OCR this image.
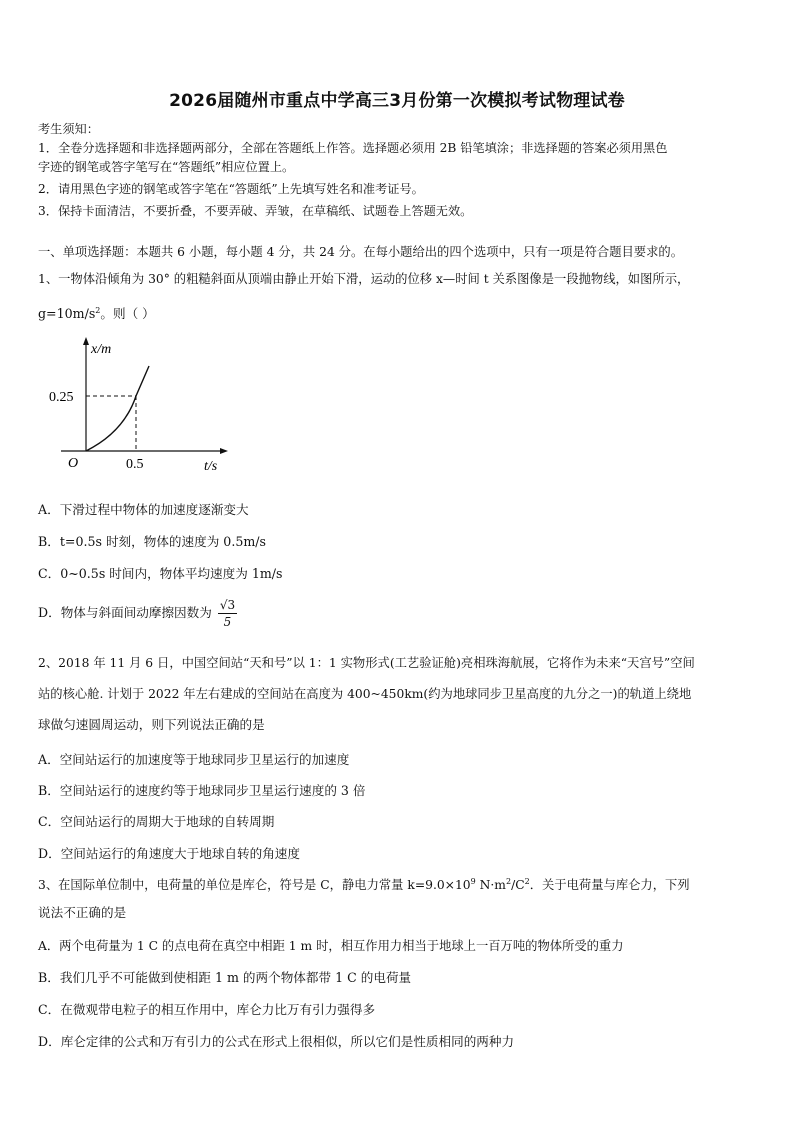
2026届随州市重点中学高三3月份第一次模拟考试物理试卷
考生须知：
1．全卷分选择题和非选择题两部分，全部在答题纸上作答。选择题必须用 2B 铅笔填涂；非选择题的答案必须用黑色
字迹的钢笔或答字笔写在“答题纸”相应位置上。
2．请用黑色字迹的钢笔或答字笔在“答题纸”上先填写姓名和准考证号。
3．保持卡面清洁，不要折叠，不要弄破、弄皱，在草稿纸、试题卷上答题无效。
一、单项选择题：本题共 6 小题，每小题 4 分，共 24 分。在每小题给出的四个选项中，只有一项是符合题目要求的。
1、一物体沿倾角为 30° 的粗糙斜面从顶端由静止开始下滑，运动的位移 x—时间 t 关系图像是一段抛物线，如图所示，
$g=10m/s^2$。则（ ）
x/m
t/s
O
0.25
0.5
A．下滑过程中物体的加速度逐渐变大
B．t=0.5s 时刻，物体的速度为 0.5m/s
C．0~0.5s 时间内，物体平均速度为 1m/s
D．物体与斜面间动摩擦因数为 $\frac{√3}{5}$
2、2018 年 11 月 6 日，中国空间站“天和号”以 1：1 实物形式(工艺验证舱)亮相珠海航展，它将作为未来“天宫号”空间
站的核心舱. 计划于 2022 年左右建成的空间站在高度为 400~450km(约为地球同步卫星高度的九分之一)的轨道上绕地
球做匀速圆周运动，则下列说法正确的是
A．空间站运行的加速度等于地球同步卫星运行的加速度
B．空间站运行的速度约等于地球同步卫星运行速度的 3 倍
C．空间站运行的周期大于地球的自转周期
D．空间站运行的角速度大于地球自转的角速度
3、在国际单位制中，电荷量的单位是库仑，符号是 C，静电力常量 $k=9.0\times 10^9$ $N\cdot m^2/C^2$．关于电荷量与库仑力，下列
说法不正确的是
A．两个电荷量为 1 C 的点电荷在真空中相距 1 m 时，相互作用力相当于地球上一百万吨的物体所受的重力
B．我们几乎不可能做到使相距 1 m 的两个物体都带 1 C 的电荷量
C．在微观带电粒子的相互作用中，库仑力比万有引力强得多
D．库仑定律的公式和万有引力的公式在形式上很相似，所以它们是性质相同的两种力
